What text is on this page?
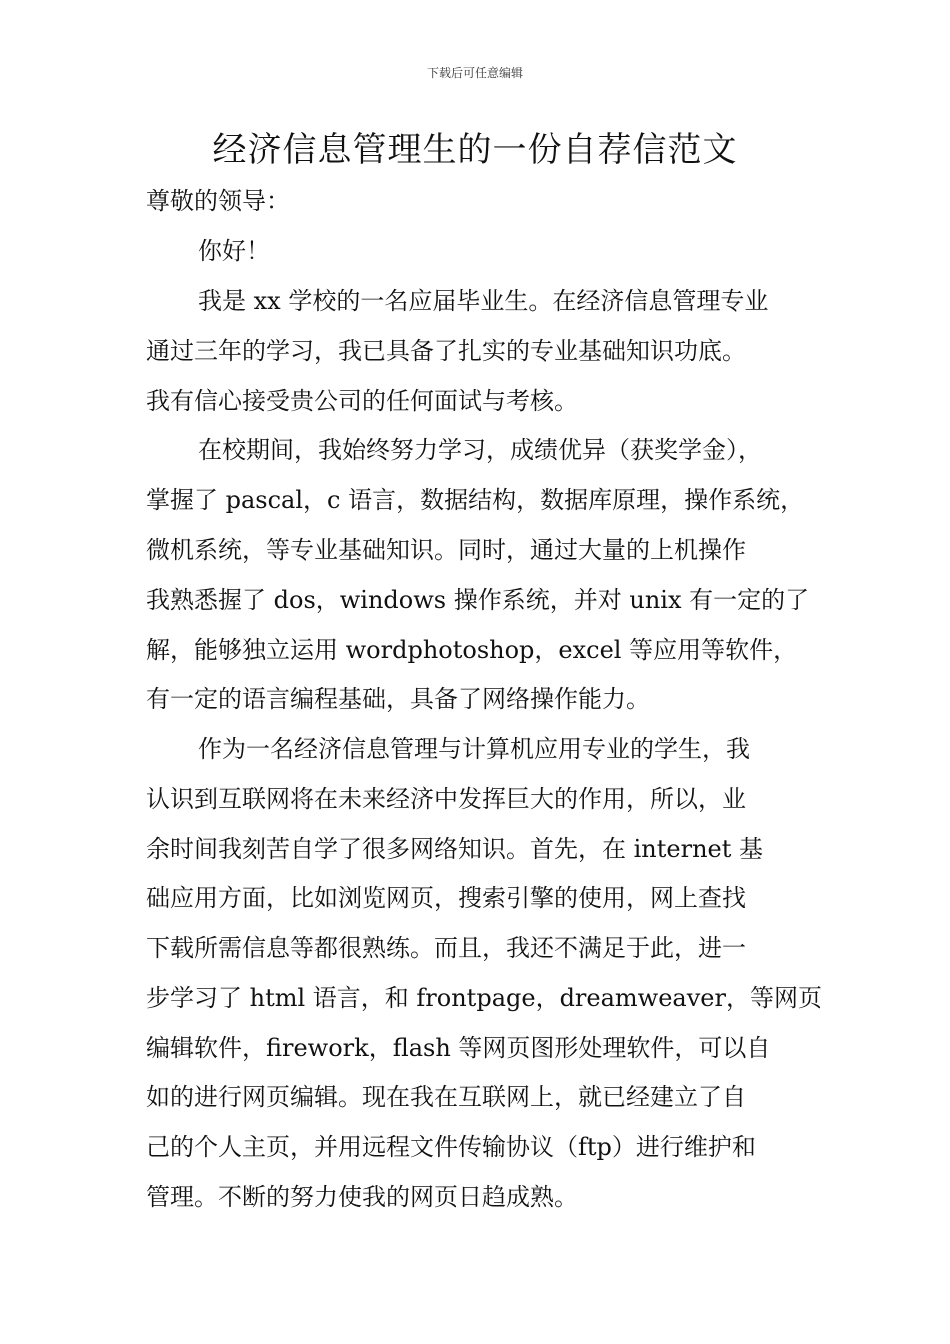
下载后可任意编辑
经济信息管理生的一份自荐信范文
尊敬的领导：
你好！
我是 xx 学校的一名应届毕业生。在经济信息管理专业
通过三年的学习，我已具备了扎实的专业基础知识功底。
我有信心接受贵公司的任何面试与考核。
在校期间，我始终努力学习，成绩优异（获奖学金），
掌握了 pascal，c 语言，数据结构，数据库原理，操作系统，
微机系统，等专业基础知识。同时，通过大量的上机操作
我熟悉握了 dos，windows 操作系统，并对 unix 有一定的了
解，能够独立运用 wordphotoshop，excel 等应用等软件，
有一定的语言编程基础，具备了网络操作能力。
作为一名经济信息管理与计算机应用专业的学生，我
认识到互联网将在未来经济中发挥巨大的作用，所以，业
余时间我刻苦自学了很多网络知识。首先，在 internet 基
础应用方面，比如浏览网页，搜索引擎的使用，网上查找
下载所需信息等都很熟练。而且，我还不满足于此，进一
步学习了 html 语言，和 frontpage，dreamweaver，等网页
编辑软件，firework，flash 等网页图形处理软件，可以自
如的进行网页编辑。现在我在互联网上，就已经建立了自
己的个人主页，并用远程文件传输协议（ftp）进行维护和
管理。不断的努力使我的网页日趋成熟。
